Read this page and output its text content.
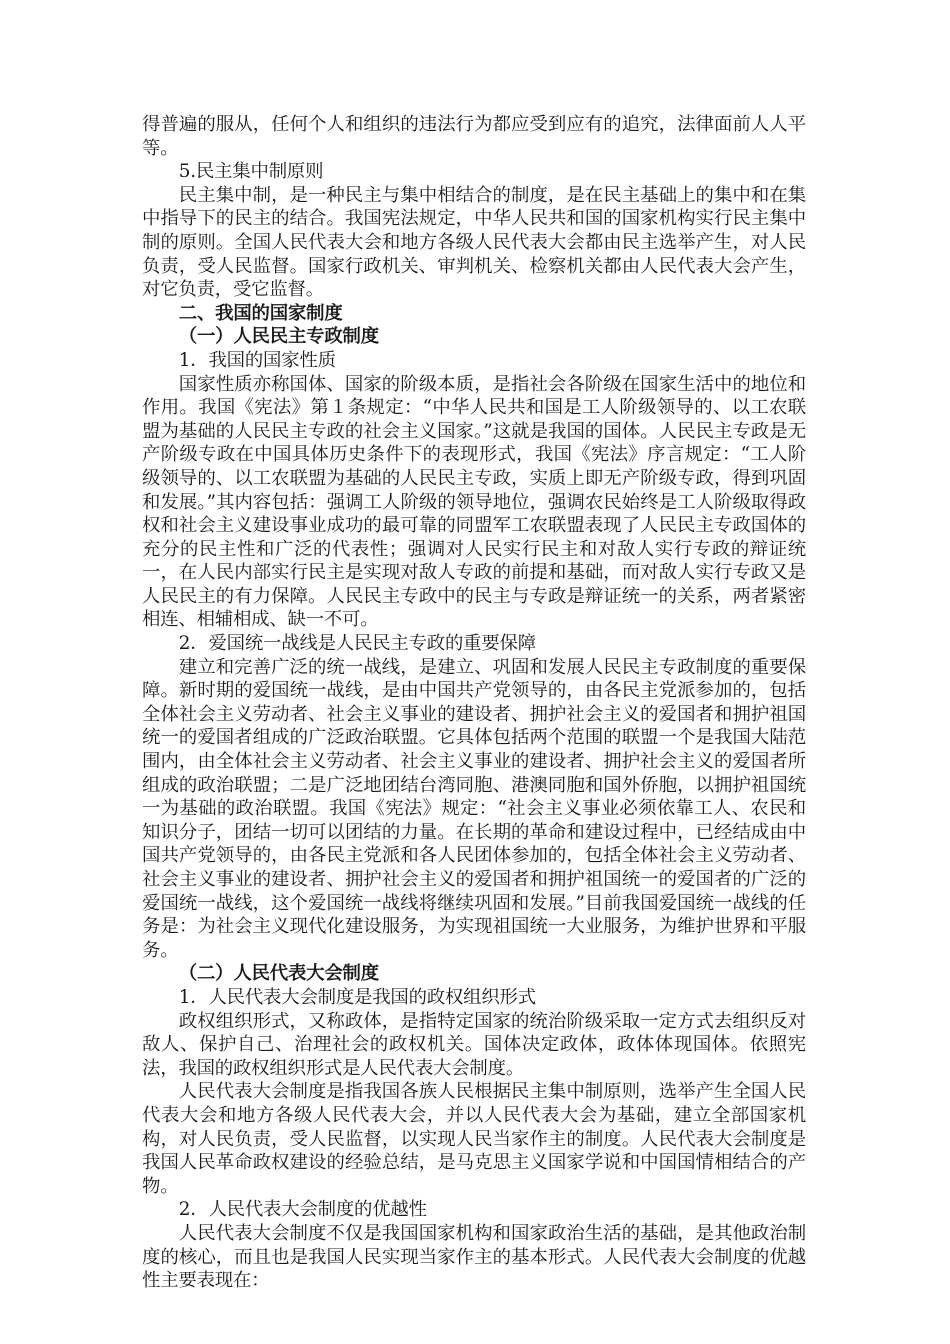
得普遍的服从，任何个人和组织的违法行为都应受到应有的追究，法律面前人人平等。

5.民主集中制原则

民主集中制，是一种民主与集中相结合的制度，是在民主基础上的集中和在集中指导下的民主的结合。我国宪法规定，中华人民共和国的国家机构实行民主集中制的原则。全国人民代表大会和地方各级人民代表大会都由民主选举产生，对人民负责，受人民监督。国家行政机关、审判机关、检察机关都由人民代表大会产生，对它负责，受它监督。

二、我国的国家制度

（一）人民民主专政制度

1．我国的国家性质

国家性质亦称国体、国家的阶级本质，是指社会各阶级在国家生活中的地位和作用。我国《宪法》第１条规定：“中华人民共和国是工人阶级领导的、以工农联盟为基础的人民民主专政的社会主义国家。”这就是我国的国体。人民民主专政是无产阶级专政在中国具体历史条件下的表现形式，我国《宪法》序言规定：“工人阶级领导的、以工农联盟为基础的人民民主专政，实质上即无产阶级专政，得到巩固和发展。”其内容包括：强调工人阶级的领导地位，强调农民始终是工人阶级取得政权和社会主义建设事业成功的最可靠的同盟军工农联盟表现了人民民主专政国体的充分的民主性和广泛的代表性；强调对人民实行民主和对敌人实行专政的辩证统一，在人民内部实行民主是实现对敌人专政的前提和基础，而对敌人实行专政又是人民民主的有力保障。人民民主专政中的民主与专政是辩证统一的关系，两者紧密相连、相辅相成、缺一不可。

2．爱国统一战线是人民民主专政的重要保障

建立和完善广泛的统一战线，是建立、巩固和发展人民民主专政制度的重要保障。新时期的爱国统一战线，是由中国共产党领导的，由各民主党派参加的，包括全体社会主义劳动者、社会主义事业的建设者、拥护社会主义的爱国者和拥护祖国统一的爱国者组成的广泛政治联盟。它具体包括两个范围的联盟一个是我国大陆范围内，由全体社会主义劳动者、社会主义事业的建设者、拥护社会主义的爱国者所组成的政治联盟；二是广泛地团结台湾同胞、港澳同胞和国外侨胞，以拥护祖国统一为基础的政治联盟。我国《宪法》规定：“社会主义事业必须依靠工人、农民和知识分子，团结一切可以团结的力量。在长期的革命和建设过程中，已经结成由中国共产党领导的，由各民主党派和各人民团体参加的，包括全体社会主义劳动者、社会主义事业的建设者、拥护社会主义的爱国者和拥护祖国统一的爱国者的广泛的爱国统一战线，这个爱国统一战线将继续巩固和发展。”目前我国爱国统一战线的任务是：为社会主义现代化建设服务，为实现祖国统一大业服务，为维护世界和平服务。

（二）人民代表大会制度

1．人民代表大会制度是我国的政权组织形式

政权组织形式，又称政体，是指特定国家的统治阶级采取一定方式去组织反对敌人、保护自己、治理社会的政权机关。国体决定政体，政体体现国体。依照宪法，我国的政权组织形式是人民代表大会制度。

人民代表大会制度是指我国各族人民根据民主集中制原则，选举产生全国人民代表大会和地方各级人民代表大会，并以人民代表大会为基础，建立全部国家机构，对人民负责，受人民监督，以实现人民当家作主的制度。人民代表大会制度是我国人民革命政权建设的经验总结，是马克思主义国家学说和中国国情相结合的产物。

2．人民代表大会制度的优越性

人民代表大会制度不仅是我国国家机构和国家政治生活的基础，是其他政治制度的核心，而且也是我国人民实现当家作主的基本形式。人民代表大会制度的优越性主要表现在：
